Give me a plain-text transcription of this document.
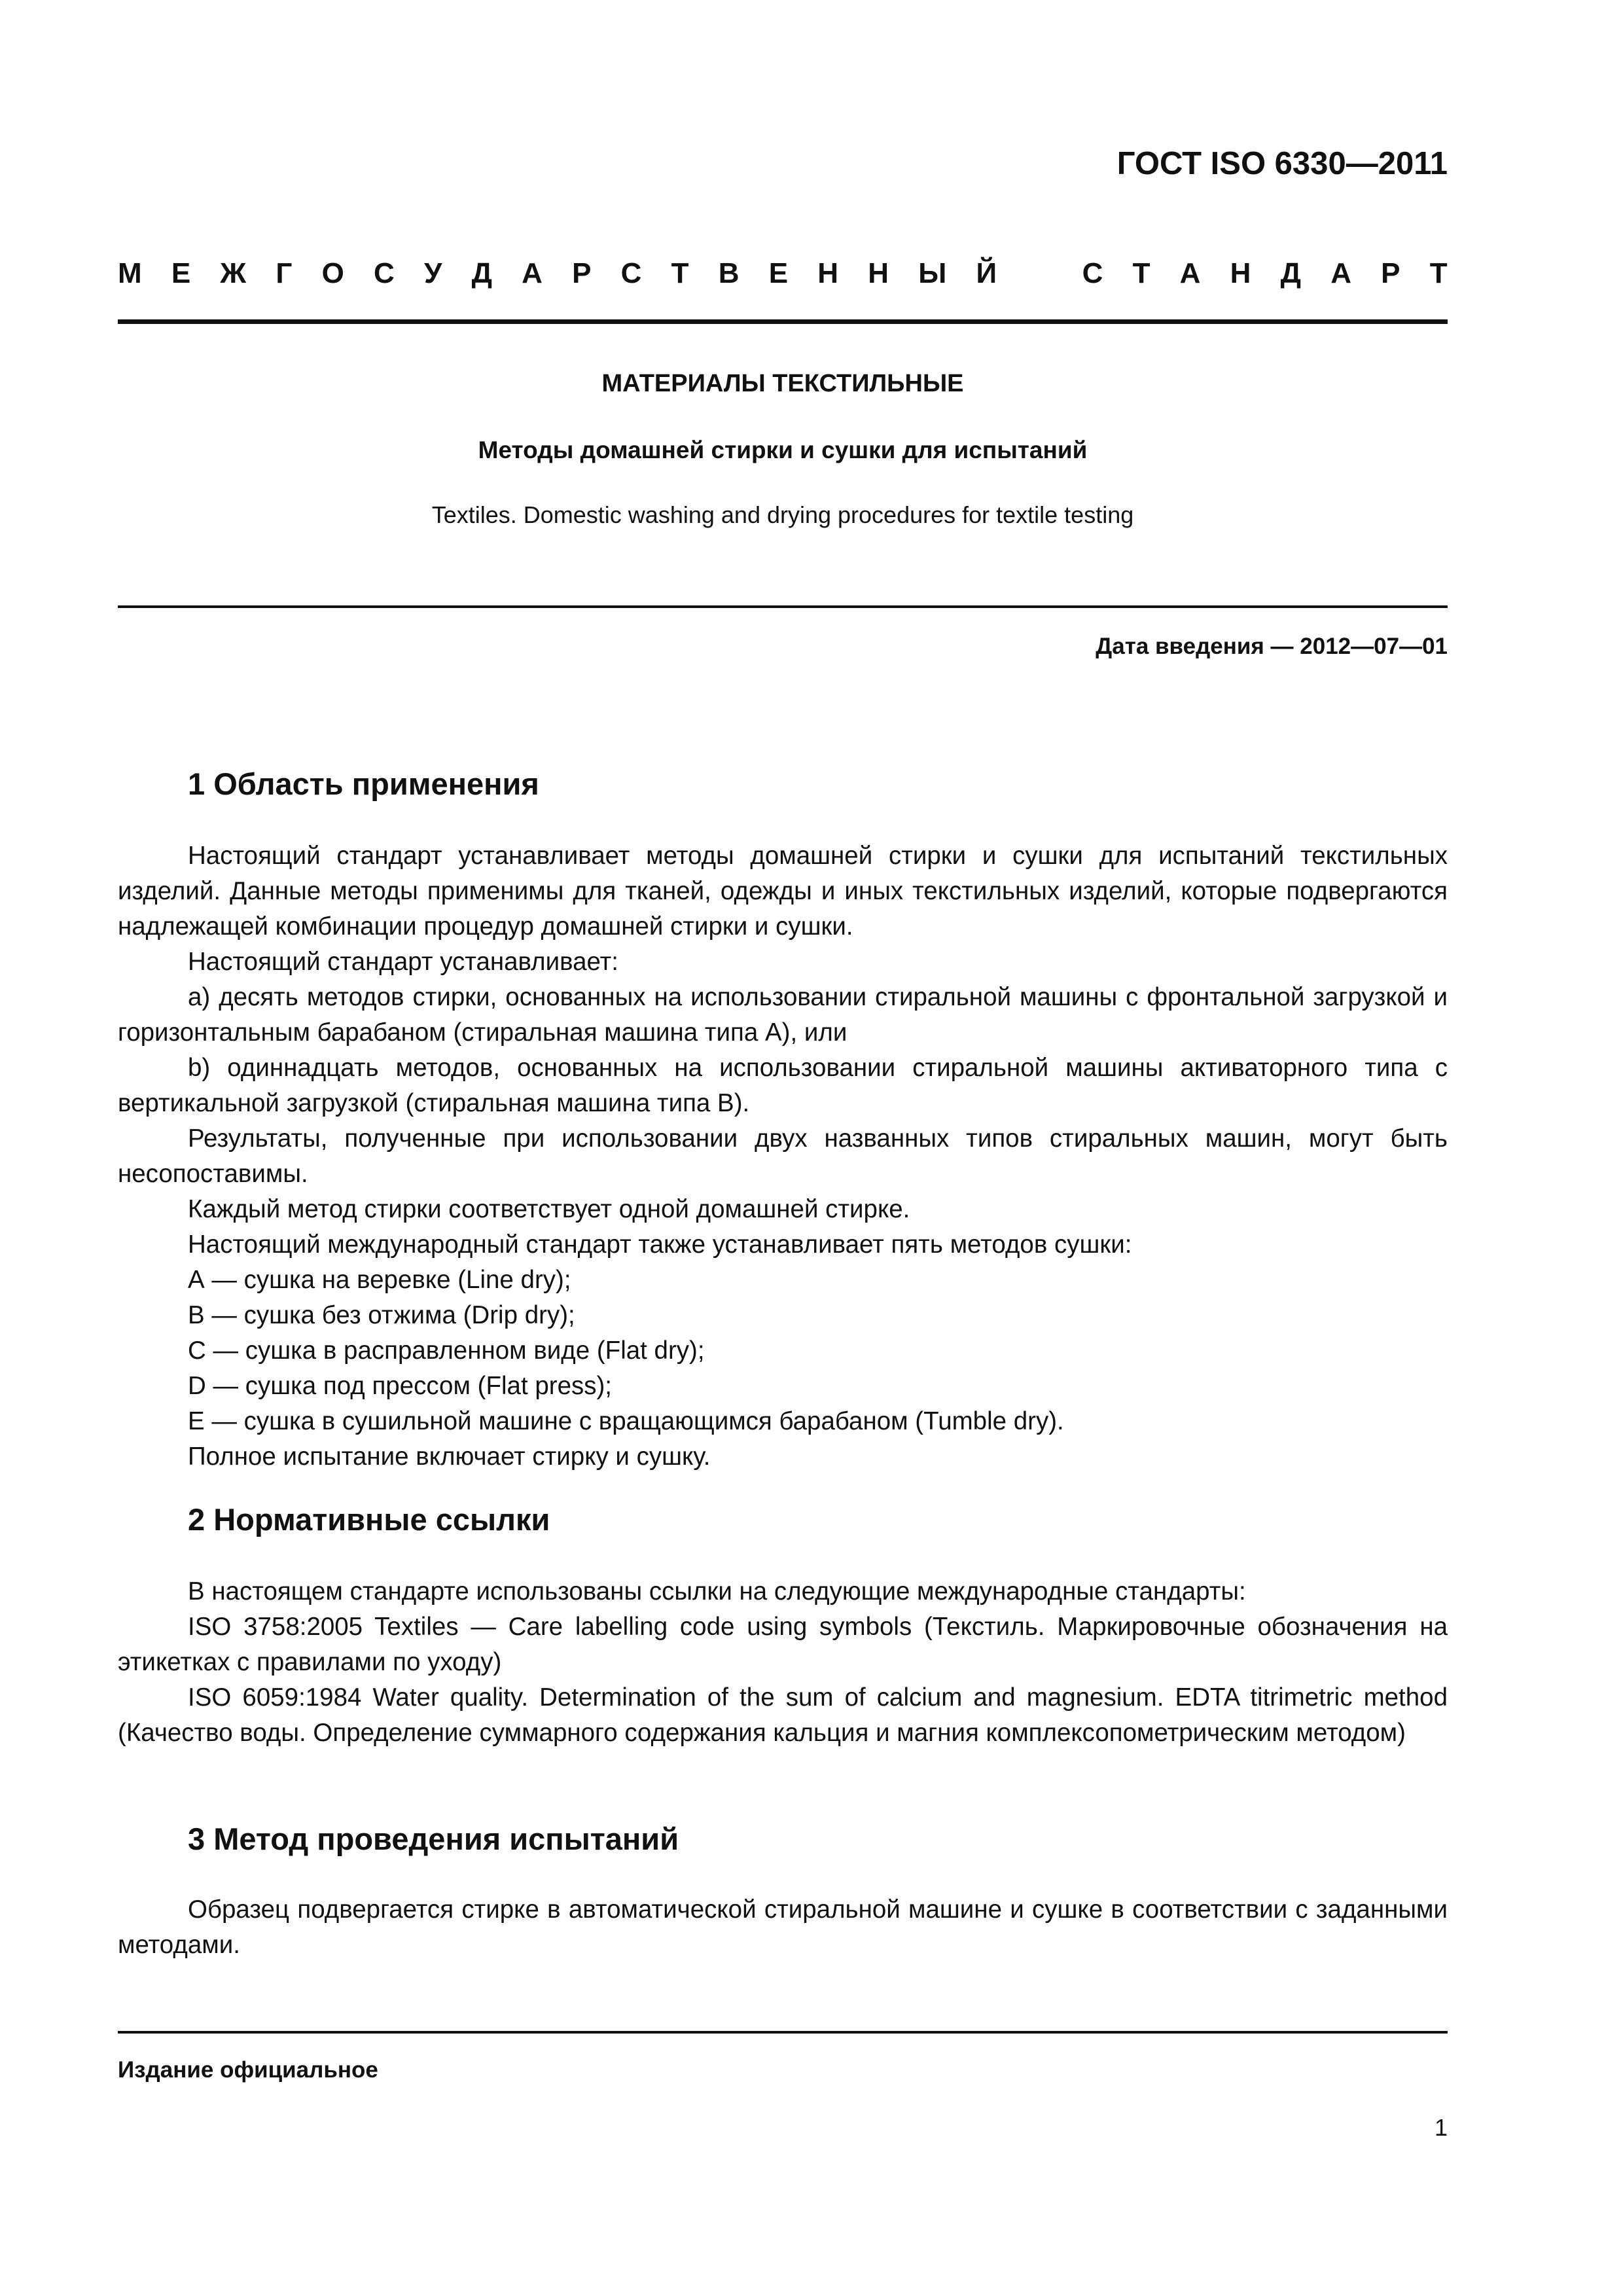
ГОСТ ISO 6330—2011

М Е Ж Г О С У Д А Р С Т В Е Н Н Ы Й	С Т А Н Д А Р Т

МАТЕРИАЛЫ ТЕКСТИЛЬНЫЕ

Методы домашней стирки и сушки для испытаний

Textiles. Domestic washing and drying procedures for textile testing

Дата введения — 2012—07—01

1 Область применения

Настоящий стандарт устанавливает методы домашней стирки и сушки для испытаний текстильных изделий. Данные методы применимы для тканей, одежды и иных текстильных изделий, которые подвергаются надлежащей комбинации процедур домашней стирки и сушки.

Настоящий стандарт устанавливает:

a) десять методов стирки, основанных на использовании стиральной машины с фронтальной загрузкой и горизонтальным барабаном (стиральная машина типа А), или

b) одиннадцать методов, основанных на использовании стиральной машины активаторного типа с вертикальной загрузкой (стиральная машина типа В).

Результаты, полученные при использовании двух названных типов стиральных машин, могут быть несопоставимы.

Каждый метод стирки соответствует одной домашней стирке.

Настоящий международный стандарт также устанавливает пять методов сушки:

А — сушка на веревке (Line dry);

В — сушка без отжима (Drip dry);

С — сушка в расправленном виде (Flat dry);

D — сушка под прессом (Flat press);

Е — сушка в сушильной машине с вращающимся барабаном (Tumble dry).

Полное испытание включает стирку и сушку.

2 Нормативные ссылки

В настоящем стандарте использованы ссылки на следующие международные стандарты:

ISO 3758:2005 Textiles — Care labelling code using symbols (Текстиль. Маркировочные обозначения на этикетках с правилами по уходу)

ISO 6059:1984 Water quality. Determination of the sum of calcium and magnesium. EDTA titrimetric method (Качество воды. Определение суммарного содержания кальция и магния комплексопометрическим методом)

3 Метод проведения испытаний

Образец подвергается стирке в автоматической стиральной машине и сушке в соответствии с заданными методами.

Издание официальное

1
